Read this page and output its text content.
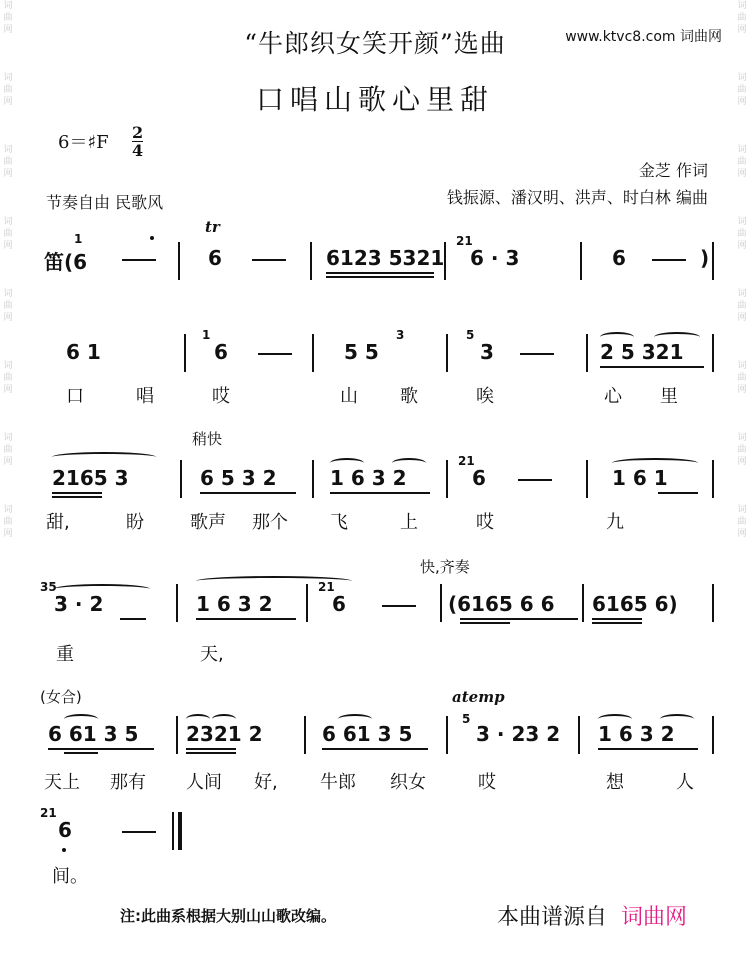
词曲网
词曲网
词曲网
词曲网
词曲网
词曲网
词曲网
词曲网
词曲网
词曲网
词曲网
词曲网
词曲网
词曲网
词曲网
词曲网
“牛郎织女笑开颜”选曲	www.ktvc8.com 词曲网
口唱山歌心里甜
6＝♯F 2
4
金芝 作词
钱振源、潘汉明、洪声、时白林 编曲
节奏自由 民歌风
tr
笛(6
1
6	6123 5321
21
6 · 3	6	)
6 1
1
6	5 5
3	5
3	2 5 321
口	唱	哎	山 歌	唉	心 里
稍快
2165 3	6 5 3 2	1 6 3 2
21
6	1 6 1
甜,	盼	歌声 那个 飞	上	哎	九
快,齐奏
35
3 · 2	1 6 3 2
21
6	(6165 6 6 6165 6)
重	天,
(女合)	atemp
6 61 3 5 2321 2	6 61 3 5
5
3 · 23 2 1 6 3 2
天上 那有 人间 好, 牛郎 织女	哎	想	人
21
6
间。
注:此曲系根据大别山山歌改编。	本曲谱源自 词曲网
